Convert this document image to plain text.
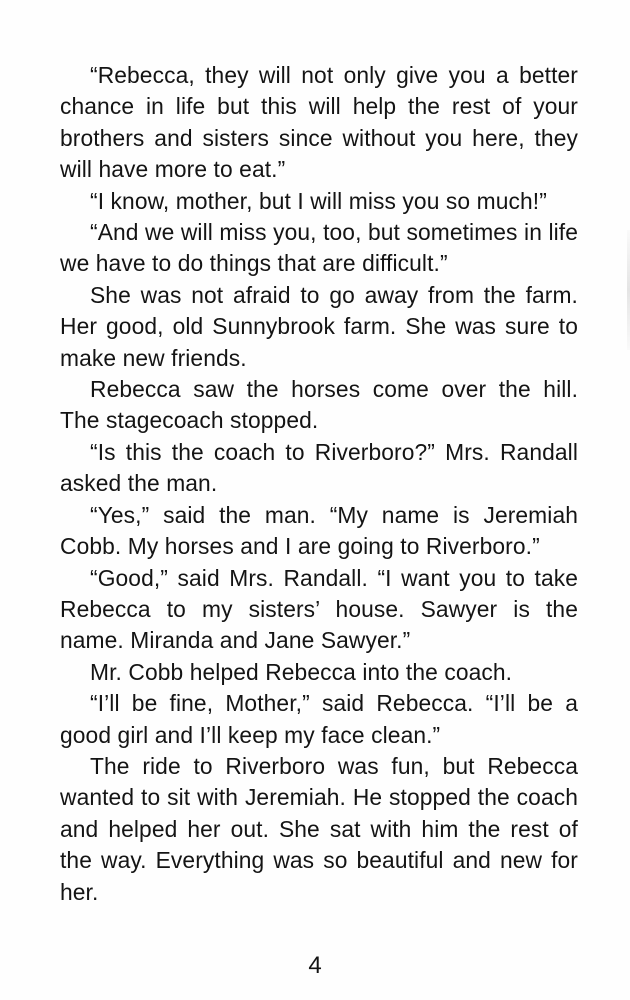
“Rebecca, they will not only give you a better chance in life but this will help the rest of your brothers and sisters since without you here, they will have more to eat.”

“I know, mother, but I will miss you so much!”

“And we will miss you, too, but sometimes in life we have to do things that are difficult.”

She was not afraid to go away from the farm. Her good, old Sunnybrook farm. She was sure to make new friends.

Rebecca saw the horses come over the hill. The stagecoach stopped.

“Is this the coach to Riverboro?” Mrs. Randall asked the man.

“Yes,” said the man. “My name is Jeremiah Cobb. My horses and I are going to Riverboro.”

“Good,” said Mrs. Randall. “I want you to take Rebecca to my sisters’ house. Sawyer is the name. Miranda and Jane Sawyer.”

Mr. Cobb helped Rebecca into the coach.

“I’ll be fine, Mother,” said Rebecca. “I’ll be a good girl and I’ll keep my face clean.”

The ride to Riverboro was fun, but Rebecca wanted to sit with Jeremiah. He stopped the coach and helped her out. She sat with him the rest of the way. Everything was so beautiful and new for her.

4
